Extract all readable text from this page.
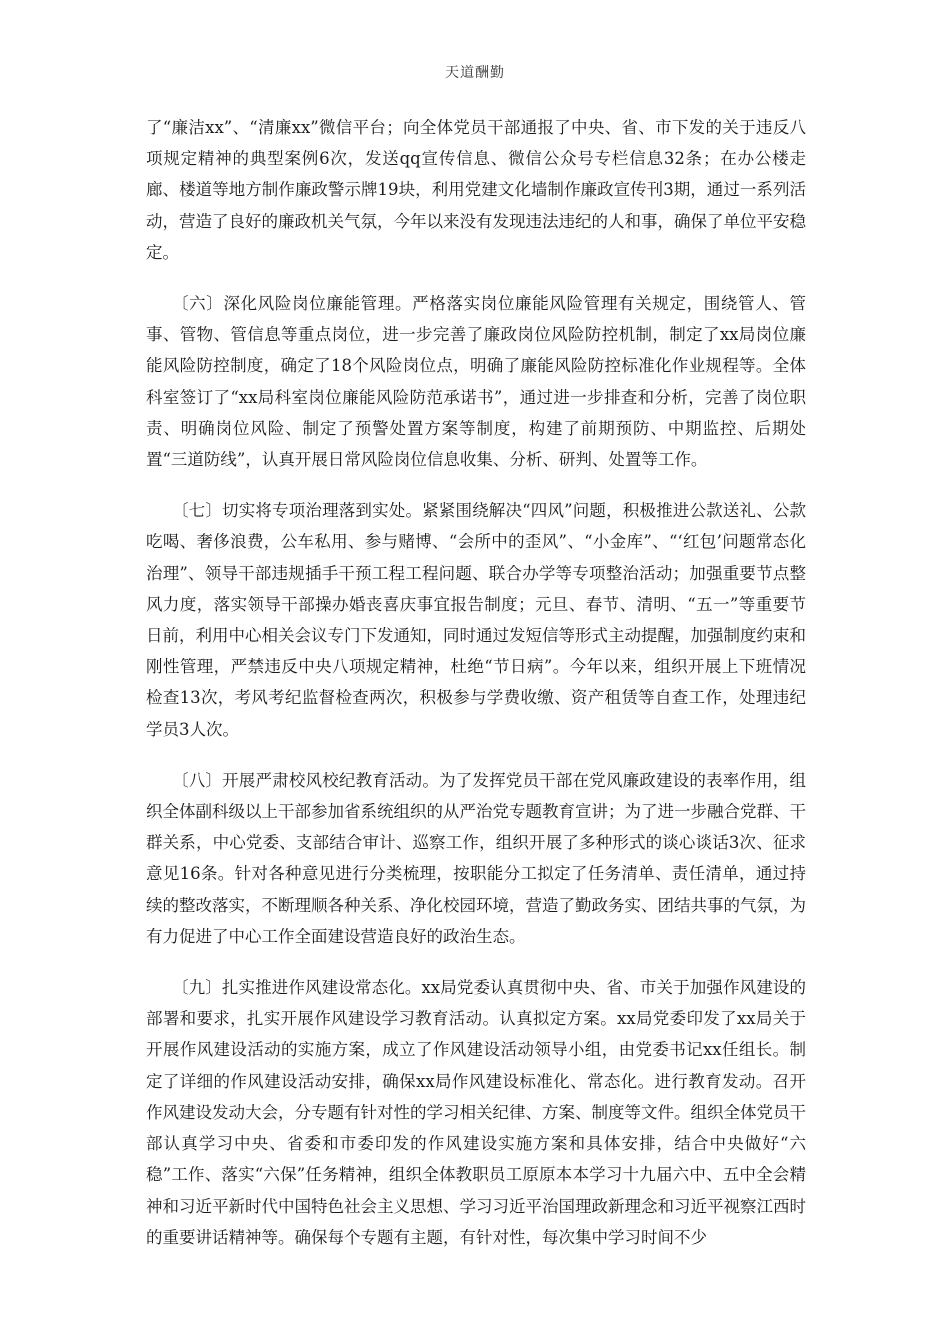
天道酬勤

了“廉洁xx”、“清廉xx”微信平台；向全体党员干部通报了中央、省、市下发的关于违反八项规定精神的典型案例6次，发送qq宣传信息、微信公众号专栏信息32条；在办公楼走廊、楼道等地方制作廉政警示牌19块，利用党建文化墙制作廉政宣传刊3期，通过一系列活动，营造了良好的廉政机关气氛，今年以来没有发现违法违纪的人和事，确保了单位平安稳定。

〔六〕深化风险岗位廉能管理。严格落实岗位廉能风险管理有关规定，围绕管人、管事、管物、管信息等重点岗位，进一步完善了廉政岗位风险防控机制，制定了xx局岗位廉能风险防控制度，确定了18个风险岗位点，明确了廉能风险防控标准化作业规程等。全体科室签订了“xx局科室岗位廉能风险防范承诺书”，通过进一步排查和分析，完善了岗位职责、明确岗位风险、制定了预警处置方案等制度，构建了前期预防、中期监控、后期处置“三道防线”，认真开展日常风险岗位信息收集、分析、研判、处置等工作。

〔七〕切实将专项治理落到实处。紧紧围绕解决“四风”问题，积极推进公款送礼、公款吃喝、奢侈浪费，公车私用、参与赌博、“会所中的歪风”、“小金库”、“‘红包’问题常态化治理”、领导干部违规插手干预工程工程问题、联合办学等专项整治活动；加强重要节点整风力度，落实领导干部操办婚丧喜庆事宜报告制度；元旦、春节、清明、“五一”等重要节日前，利用中心相关会议专门下发通知，同时通过发短信等形式主动提醒，加强制度约束和刚性管理，严禁违反中央八项规定精神，杜绝“节日病”。今年以来，组织开展上下班情况检查13次，考风考纪监督检查两次，积极参与学费收缴、资产租赁等自查工作，处理违纪学员3人次。

〔八〕开展严肃校风校纪教育活动。为了发挥党员干部在党风廉政建设的表率作用，组织全体副科级以上干部参加省系统组织的从严治党专题教育宣讲；为了进一步融合党群、干群关系，中心党委、支部结合审计、巡察工作，组织开展了多种形式的谈心谈话3次、征求意见16条。针对各种意见进行分类梳理，按职能分工拟定了任务清单、责任清单，通过持续的整改落实，不断理顺各种关系、净化校园环境，营造了勤政务实、团结共事的气氛，为有力促进了中心工作全面建设营造良好的政治生态。

〔九〕扎实推进作风建设常态化。xx局党委认真贯彻中央、省、市关于加强作风建设的部署和要求，扎实开展作风建设学习教育活动。认真拟定方案。xx局党委印发了xx局关于开展作风建设活动的实施方案，成立了作风建设活动领导小组，由党委书记xx任组长。制定了详细的作风建设活动安排，确保xx局作风建设标准化、常态化。进行教育发动。召开作风建设发动大会，分专题有针对性的学习相关纪律、方案、制度等文件。组织全体党员干部认真学习中央、省委和市委印发的作风建设实施方案和具体安排，结合中央做好“六稳”工作、落实“六保”任务精神，组织全体教职员工原原本本学习十九届六中、五中全会精神和习近平新时代中国特色社会主义思想、学习习近平治国理政新理念和习近平视察江西时的重要讲话精神等。确保每个专题有主题，有针对性，每次集中学习时间不少
